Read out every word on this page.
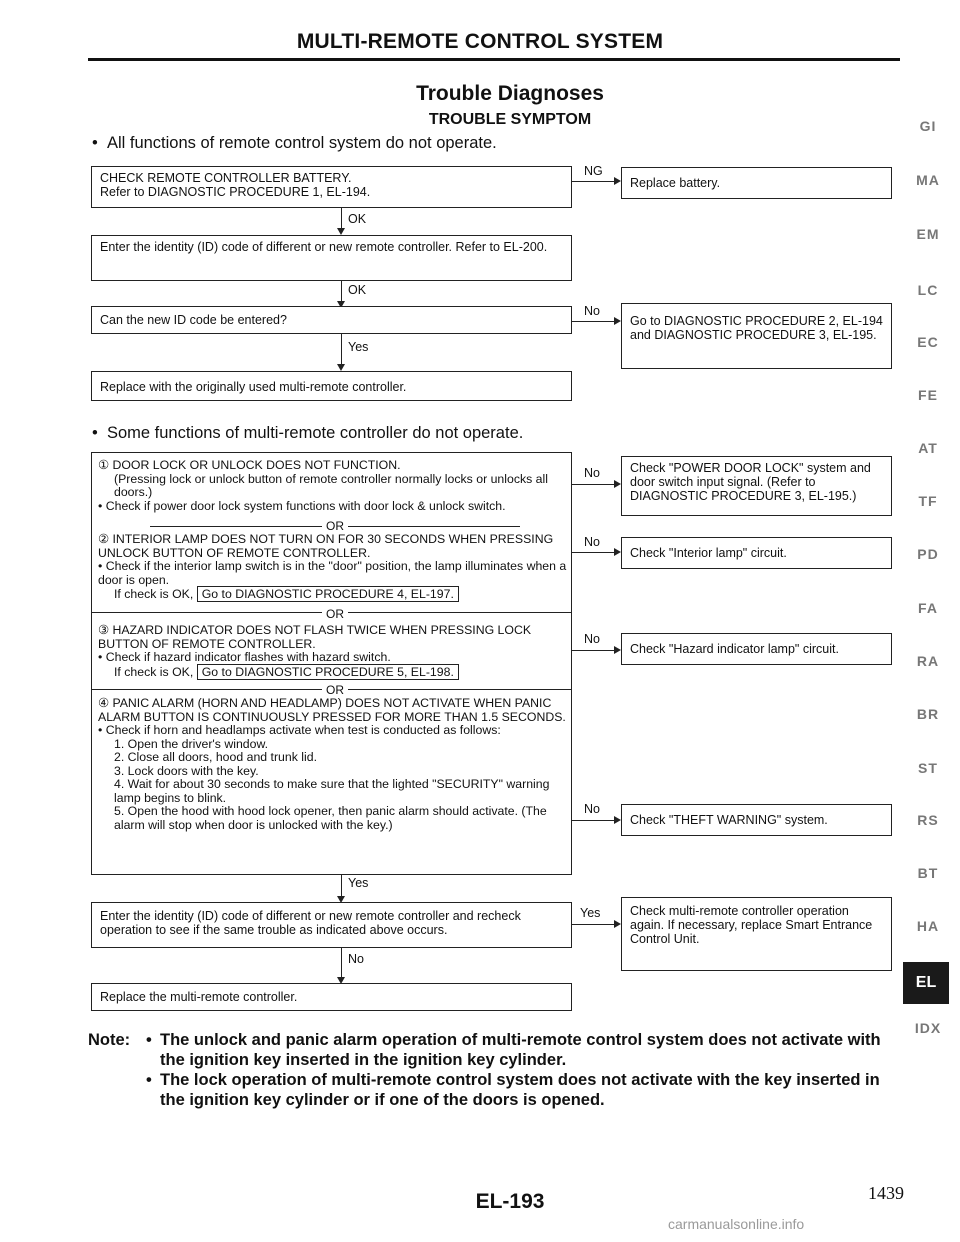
MULTI-REMOTE CONTROL SYSTEM
Trouble Diagnoses
TROUBLE SYMPTOM
•  All functions of remote control system do not operate.
CHECK REMOTE CONTROLLER BATTERY.
Refer to DIAGNOSTIC PROCEDURE 1, EL-194.
NG
Replace battery.
OK
Enter the identity (ID) code of different or new remote controller. Refer to EL-200.
OK
Can the new ID code be entered?
No
Go to DIAGNOSTIC PROCEDURE 2, EL-194 and DIAGNOSTIC PROCEDURE 3, EL-195.
Yes
Replace with the originally used multi-remote controller.
•  Some functions of multi-remote controller do not operate.
① DOOR LOCK OR UNLOCK DOES NOT FUNCTION.
(Pressing lock or unlock button of remote controller normally locks or unlocks all doors.)
• Check if power door lock system functions with door lock & unlock switch.
OR
② INTERIOR LAMP DOES NOT TURN ON FOR 30 SECONDS WHEN PRESSING UNLOCK BUTTON OF REMOTE CONTROLLER.
• Check if the interior lamp switch is in the "door" position, the lamp illuminates when a door is open.
If check is OK, Go to DIAGNOSTIC PROCEDURE 4, EL-197.
OR
③ HAZARD INDICATOR DOES NOT FLASH TWICE WHEN PRESSING LOCK BUTTON OF REMOTE CONTROLLER.
• Check if hazard indicator flashes with hazard switch.
If check is OK, Go to DIAGNOSTIC PROCEDURE 5, EL-198.
OR
④ PANIC ALARM (HORN AND HEADLAMP) DOES NOT ACTIVATE WHEN PANIC ALARM BUTTON IS CONTINUOUSLY PRESSED FOR MORE THAN 1.5 SECONDS.
• Check if horn and headlamps activate when test is conducted as follows:
1. Open the driver's window.
2. Close all doors, hood and trunk lid.
3. Lock doors with the key.
4. Wait for about 30 seconds to make sure that the lighted "SECURITY" warning lamp begins to blink.
5. Open the hood with hood lock opener, then panic alarm should activate. (The alarm will stop when door is unlocked with the key.)
No	Check "POWER DOOR LOCK" system and door switch input signal. (Refer to DIAGNOSTIC PROCEDURE 3, EL-195.)
No
Check "Interior lamp" circuit.
No
Check "Hazard indicator lamp" circuit.
No
Check "THEFT WARNING" system.
Yes
Enter the identity (ID) code of different or new remote controller and recheck operation to see if the same trouble as indicated above occurs.
Yes	Check multi-remote controller operation again. If necessary, replace Smart Entrance Control Unit.
No
Replace the multi-remote controller.
GI
MA
EM
LC
EC
FE
AT
TF
PD
FA
RA
BR
ST
RS
BT
HA
IDX
EL
Note: • The unlock and panic alarm operation of multi-remote control system does not activate with the ignition key inserted in the ignition key cylinder.
• The lock operation of multi-remote control system does not activate with the key inserted in the ignition key cylinder or if one of the doors is opened.
EL-193	1439
carmanualsonline.info
